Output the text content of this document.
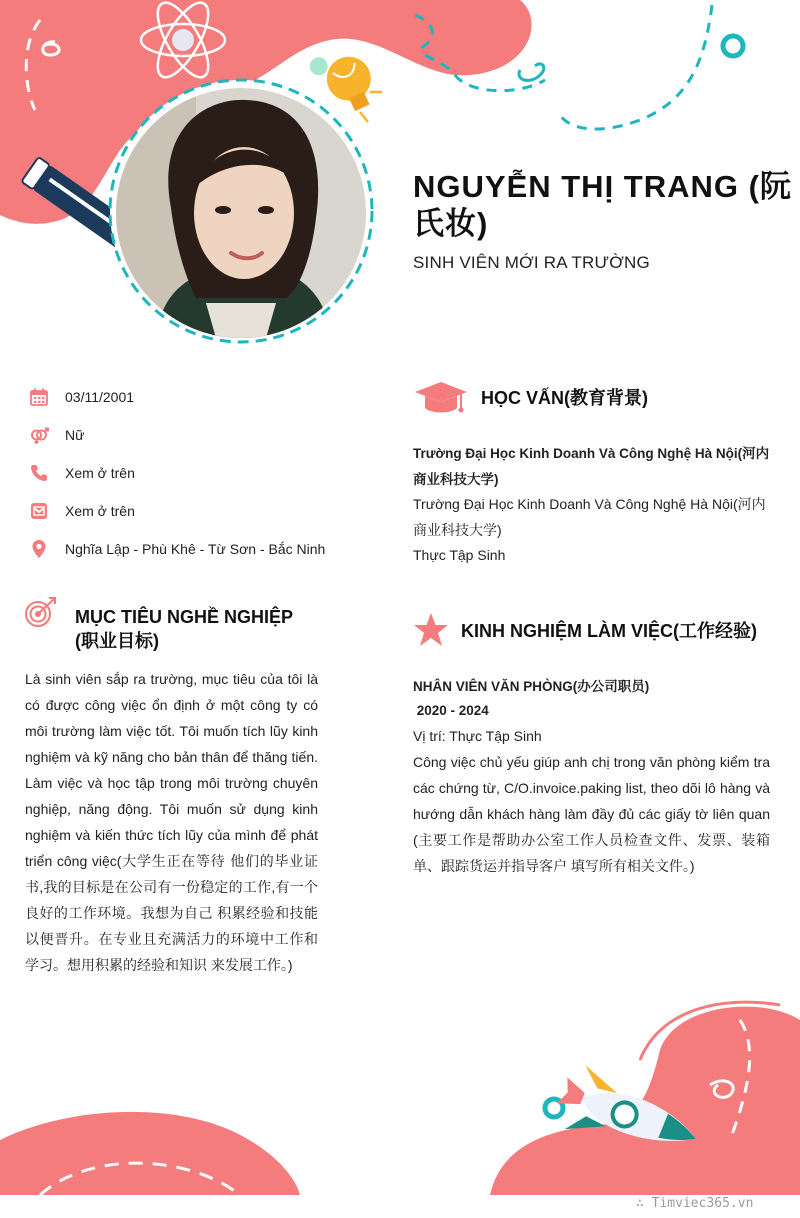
NGUYỄN THỊ TRANG (阮氏妆)
SINH VIÊN MỚI RA TRƯỜNG
03/11/2001
Nữ
Xem ở trên
Xem ở trên
Nghĩa Lập - Phù Khê - Từ Sơn - Bắc Ninh
MỤC TIÊU NGHỀ NGHIỆP (职业目标)
Là sinh viên sắp ra trường, mục tiêu của tôi là có được công việc ổn định ở một công ty có môi trường làm việc tốt. Tôi muốn tích lũy kinh nghiệm và kỹ năng cho bản thân để thăng tiến. Làm việc và học tập trong môi trường chuyên nghiệp, năng động. Tôi muốn sử dụng kinh nghiệm và kiến thức tích lũy của mình để phát triển công việc(大学生正在等待 他们的毕业证书,我的目标是在公司有一份稳定的工作,有一个良好的工作环境。我想为自己 积累经验和技能以便晋升。在专业且充满活力的环境中工作和学习。想用积累的经验和知识 来发展工作。)
HỌC VẤN(教育背景)
Trường Đại Học Kinh Doanh Và Công Nghệ Hà Nội(河内商业科技大学)
Trường Đại Học Kinh Doanh Và Công Nghệ Hà Nội(河内商业科技大学)
Thực Tập Sinh
KINH NGHIỆM LÀM VIỆC(工作经验)
NHÂN VIÊN VĂN PHÒNG(办公司职员)
2020 - 2024
Vị trí: Thực Tập Sinh
Công việc chủ yếu giúp anh chị trong văn phòng kiểm tra các chứng từ, C/O.invoice.paking list, theo dõi lô hàng và hướng dẫn khách hàng làm đầy đủ các giấy tờ liên quan (主要工作是帮助办公室工作人员检查文件、发票、装箱单、跟踪货运并指导客户 填写所有相关文件。)
∴ Timviec365.vn
